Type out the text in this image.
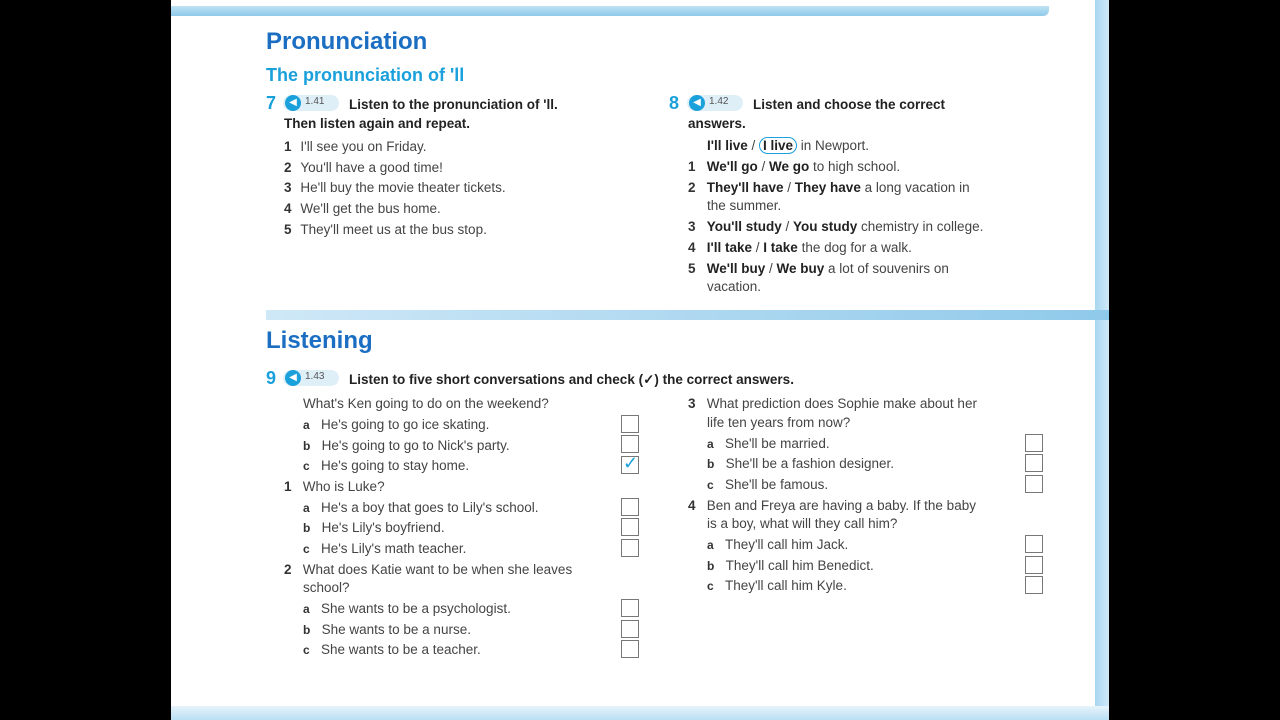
Pronunciation
The pronunciation of 'll
7	◀ 1.41 Listen to the pronunciation of 'll.
Then listen again and repeat.
1 I'll see you on Friday.
2 You'll have a good time!
3 He'll buy the movie theater tickets.
4 We'll get the bus home.
5 They'll meet us at the bus stop.
8	◀ 1.42 Listen and choose the correct
answers.
I'll live / I live in Newport.
1 We'll go / We go to high school.
2 They'll have / They have a long vacation in
the summer.
3 You'll study / You study chemistry in college.
4 I'll take / I take the dog for a walk.
5 We'll buy / We buy a lot of souvenirs on
vacation.
Listening
9	◀ 1.43 Listen to five short conversations and check (✓) the correct answers.
What's Ken going to do on the weekend?
a He's going to go ice skating.
b He's going to go to Nick's party.
c He's going to stay home.	✓
1 Who is Luke?
a He's a boy that goes to Lily's school.
b He's Lily's boyfriend.
c He's Lily's math teacher.
2 What does Katie want to be when she leaves
school?
a She wants to be a psychologist.
b She wants to be a nurse.
c She wants to be a teacher.
3 What prediction does Sophie make about her
life ten years from now?
a She'll be married.
b She'll be a fashion designer.
c She'll be famous.
4 Ben and Freya are having a baby. If the baby
is a boy, what will they call him?
a They'll call him Jack.
b They'll call him Benedict.
c They'll call him Kyle.
